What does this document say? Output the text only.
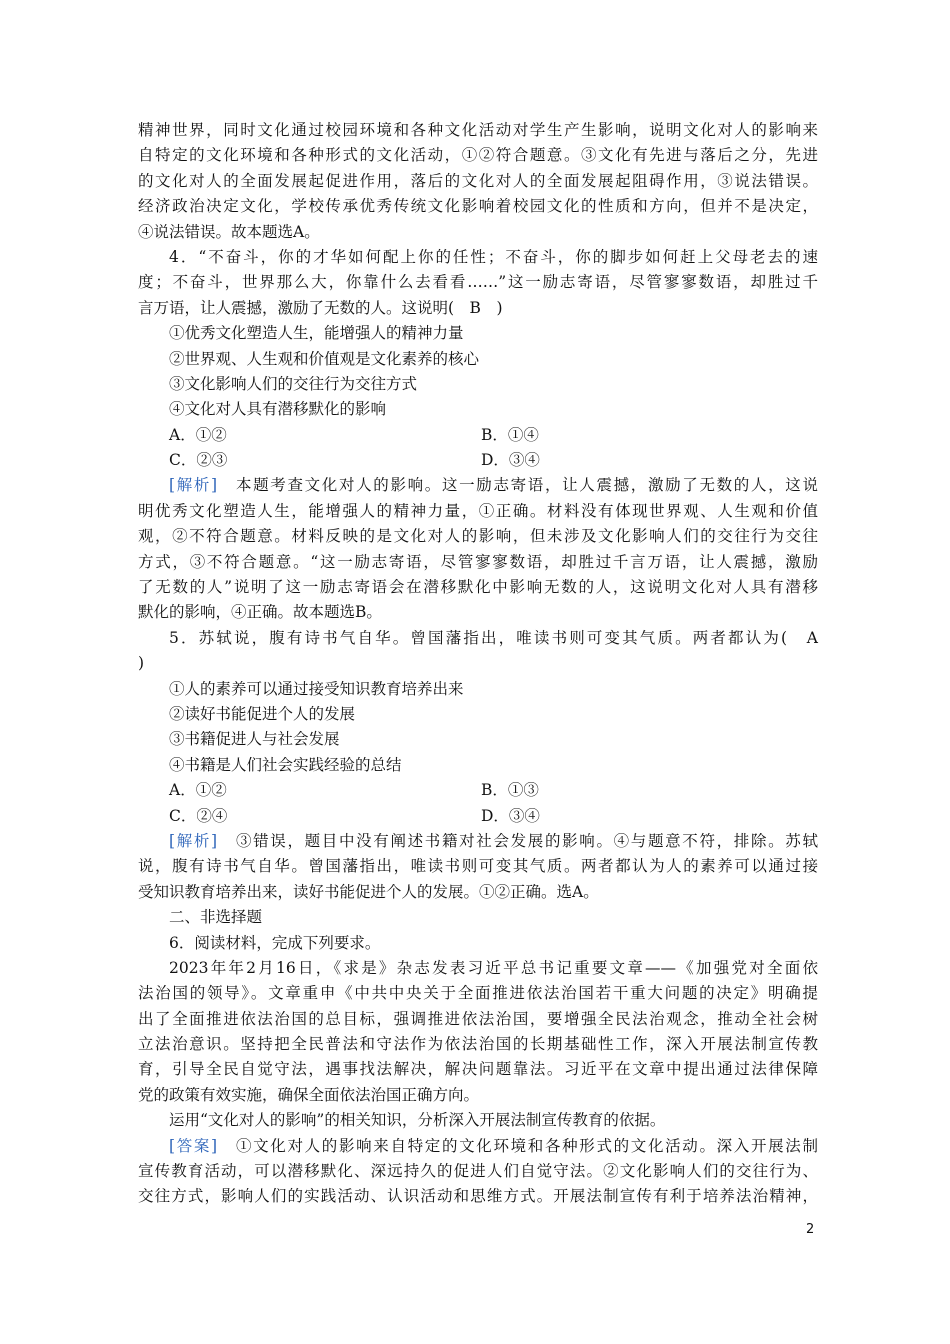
精神世界，同时文化通过校园环境和各种文化活动对学生产生影响，说明文化对人的影响来
自特定的文化环境和各种形式的文化活动，①②符合题意。③文化有先进与落后之分，先进
的文化对人的全面发展起促进作用，落后的文化对人的全面发展起阻碍作用，③说法错误。
经济政治决定文化，学校传承优秀传统文化影响着校园文化的性质和方向，但并不是决定，
④说法错误。故本题选A。
4．“不奋斗，你的才华如何配上你的任性；不奋斗，你的脚步如何赶上父母老去的速
度；不奋斗，世界那么大，你靠什么去看看……”这一励志寄语，尽管寥寥数语，却胜过千
言万语，让人震撼，激励了无数的人。这说明(　B　)
①优秀文化塑造人生，能增强人的精神力量
②世界观、人生观和价值观是文化素养的核心
③文化影响人们的交往行为交往方式
④文化对人具有潜移默化的影响
A．①②	B．①④
C．②③	D．③④
[解析]　 本题考查文化对人的影响。这一励志寄语，让人震撼，激励了无数的人，这说
明优秀文化塑造人生，能增强人的精神力量，①正确。材料没有体现世界观、人生观和价值
观，②不符合题意。材料反映的是文化对人的影响，但未涉及文化影响人们的交往行为交往
方式，③不符合题意。“这一励志寄语，尽管寥寥数语，却胜过千言万语，让人震撼，激励
了无数的人”说明了这一励志寄语会在潜移默化中影响无数的人，这说明文化对人具有潜移
默化的影响，④正确。故本题选B。
5．苏轼说，腹有诗书气自华。曾国藩指出，唯读书则可变其气质。两者都认为(　A
)
①人的素养可以通过接受知识教育培养出来
②读好书能促进个人的发展
③书籍促进人与社会发展
④书籍是人们社会实践经验的总结
A．①②	B．①③
C．②④	D．③④
[解析]　 ③错误，题目中没有阐述书籍对社会发展的影响。④与题意不符，排除。苏轼
说，腹有诗书气自华。曾国藩指出，唯读书则可变其气质。两者都认为人的素养可以通过接
受知识教育培养出来，读好书能促进个人的发展。①②正确。选A。
二、非选择题
6．阅读材料，完成下列要求。
2023年年2月16日，《求是》杂志发表习近平总书记重要文章——《加强党对全面依
法治国的领导》。文章重申《中共中央关于全面推进依法治国若干重大问题的决定》明确提
出了全面推进依法治国的总目标，强调推进依法治国，要增强全民法治观念，推动全社会树
立法治意识。坚持把全民普法和守法作为依法治国的长期基础性工作，深入开展法制宣传教
育，引导全民自觉守法，遇事找法解决，解决问题靠法。习近平在文章中提出通过法律保障
党的政策有效实施，确保全面依法治国正确方向。
运用“文化对人的影响”的相关知识，分析深入开展法制宣传教育的依据。
[答案]　 ①文化对人的影响来自特定的文化环境和各种形式的文化活动。深入开展法制
宣传教育活动，可以潜移默化、深远持久的促进人们自觉守法。②文化影响人们的交往行为、
交往方式，影响人们的实践活动、认识活动和思维方式。开展法制宣传有利于培养法治精神，
2
